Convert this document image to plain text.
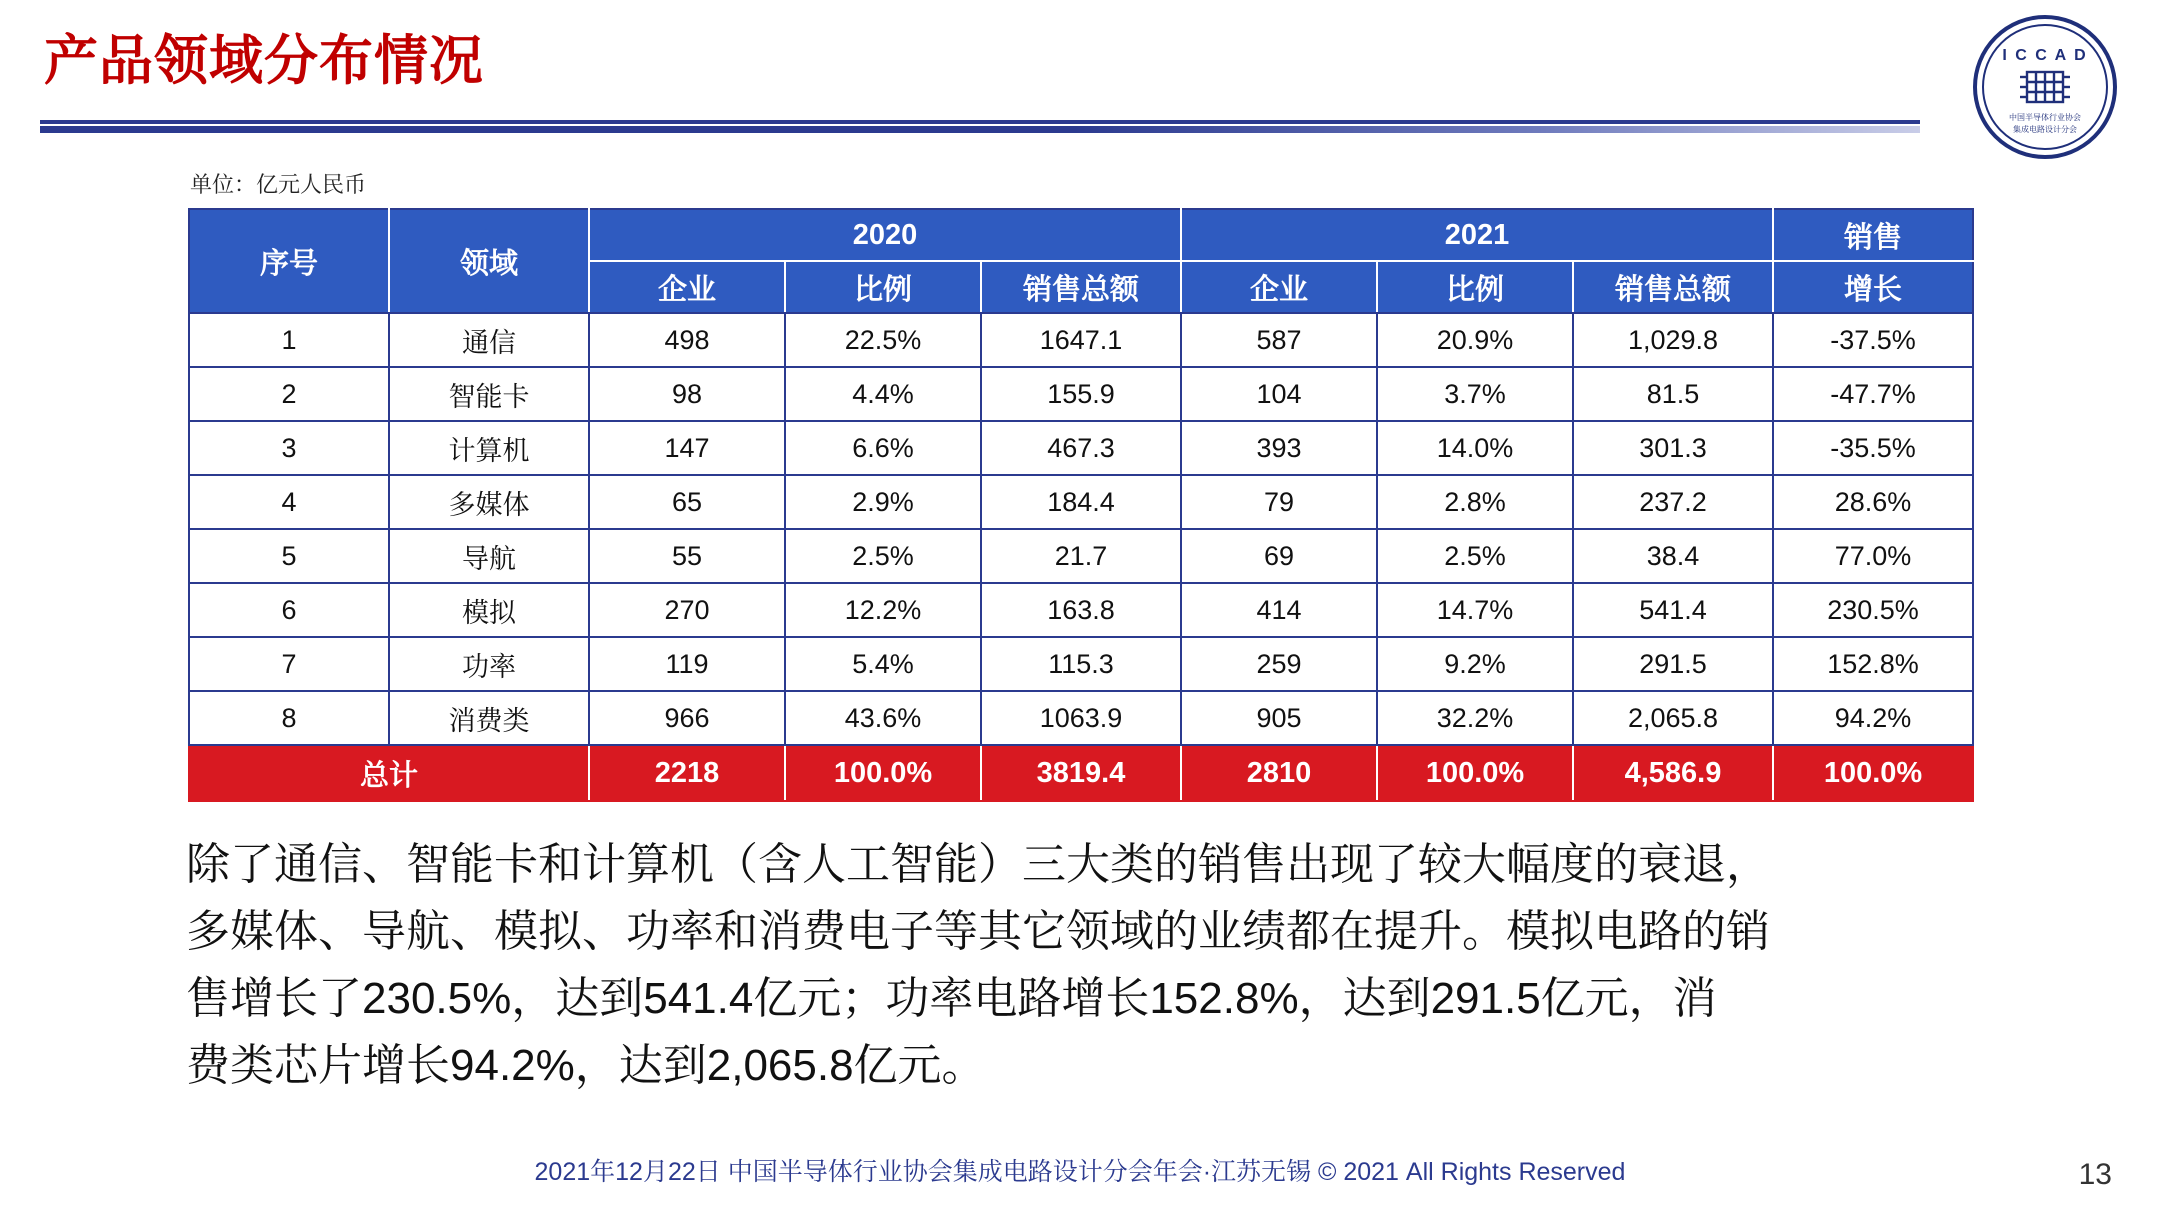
产品领域分布情况	I C C A D
中国半导体行业协会
集成电路设计分会
单位：亿元人民币
序号	领域	2020			2021			销售
		企业	比例	销售总额	企业	比例	销售总额	增长
1	通信	498	22.5%	1647.1	587	20.9%	1,029.8	-37.5%
2	智能卡	98	4.4%	155.9	104	3.7%	81.5	-47.7%
3	计算机	147	6.6%	467.3	393	14.0%	301.3	-35.5%
4	多媒体	65	2.9%	184.4	79	2.8%	237.2	28.6%
5	导航	55	2.5%	21.7	69	2.5%	38.4	77.0%
6	模拟	270	12.2%	163.8	414	14.7%	541.4	230.5%
7	功率	119	5.4%	115.3	259	9.2%	291.5	152.8%
8	消费类	966	43.6%	1063.9	905	32.2%	2,065.8	94.2%
总计		2218	100.0%	3819.4	2810	100.0%	4,586.9	100.0%

除了通信、智能卡和计算机（含人工智能）三大类的销售出现了较大幅度的衰退，

多媒体、导航、模拟、功率和消费电子等其它领域的业绩都在提升。模拟电路的销

售增长了230.5%，达到541.4亿元；功率电路增长152.8%，达到291.5亿元，消

费类芯片增长94.2%，达到2,065.8亿元。

2021年12月22日 中国半导体行业协会集成电路设计分会年会·江苏无锡 © 2021 All Rights Reserved	13
